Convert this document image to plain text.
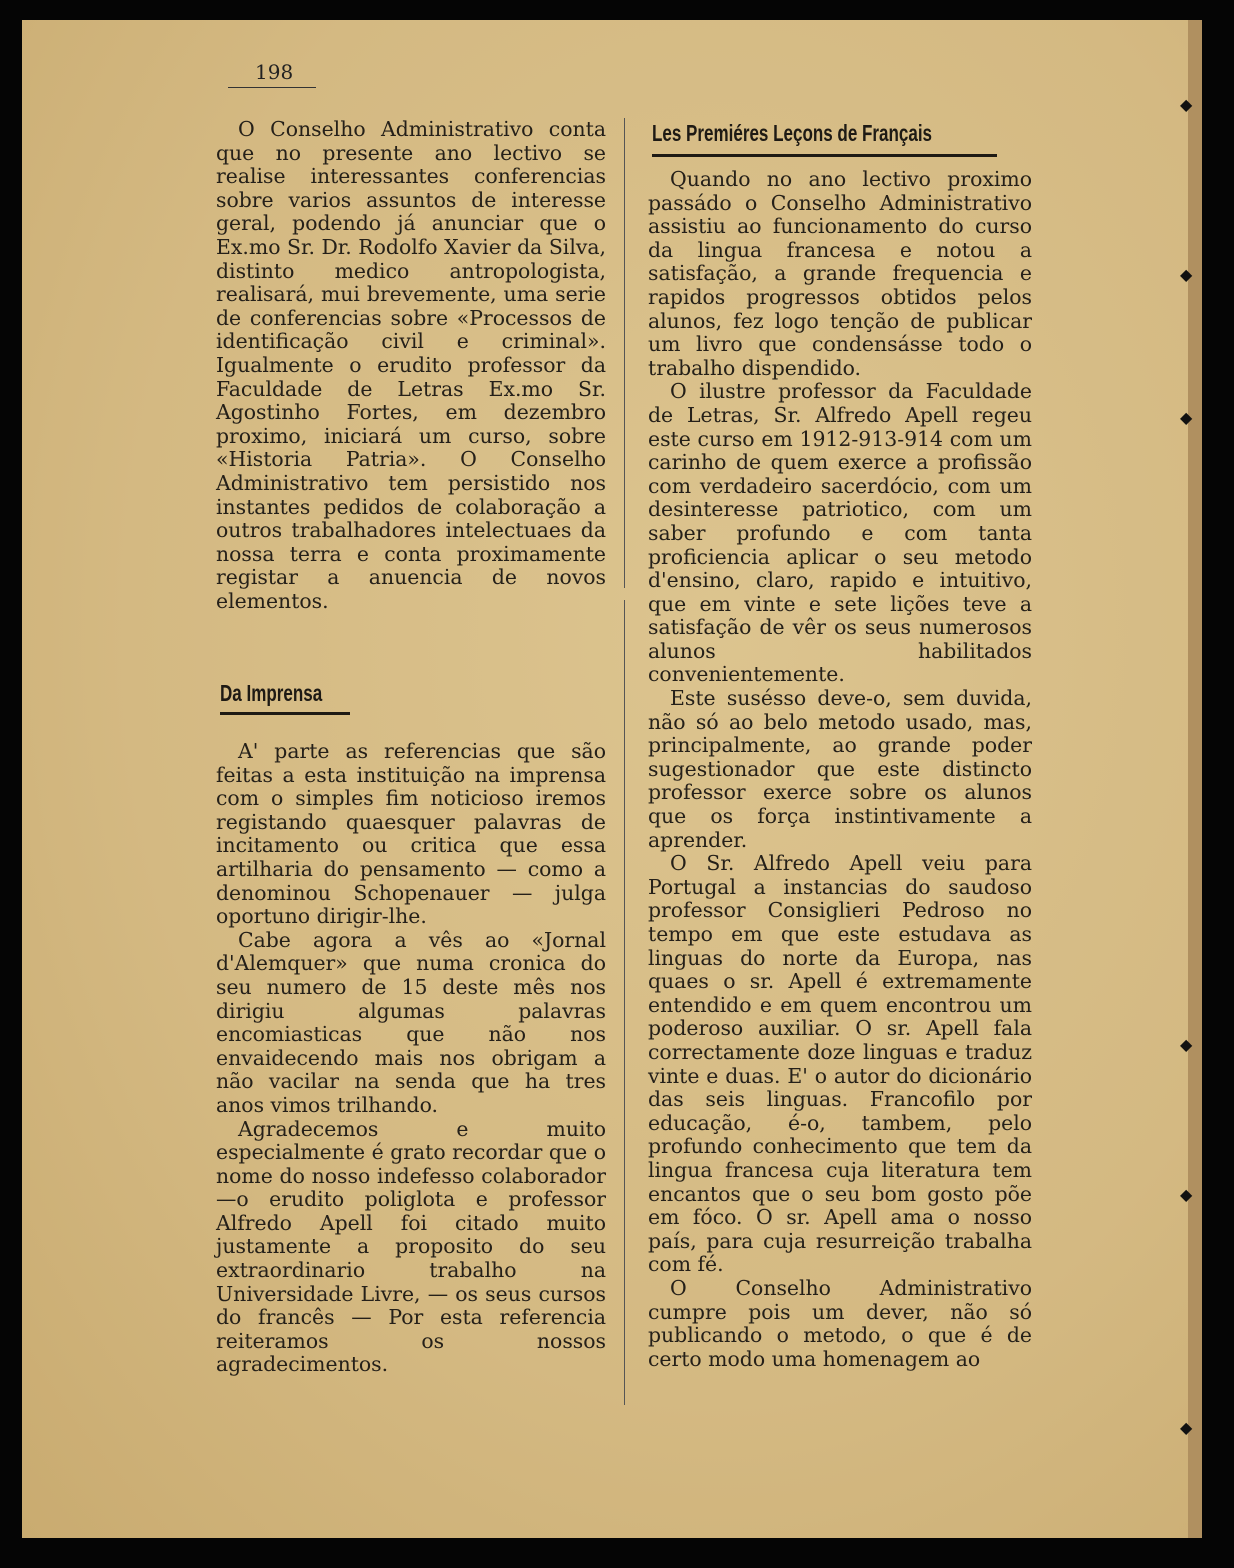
198

O Conselho Administrativo conta que no presente ano lectivo se realise interessantes conferencias sobre varios assuntos de interesse geral, podendo já anunciar que o Ex.mo Sr. Dr. Rodolfo Xavier da Silva, distinto medico antropologista, realisará, mui brevemente, uma serie de conferencias sobre «Processos de identificação civil e criminal». Igualmente o erudito professor da Faculdade de Letras Ex.mo Sr. Agostinho Fortes, em dezembro proximo, iniciará um curso, sobre «Historia Patria». O Conselho Administrativo tem persistido nos instantes pedidos de colaboração a outros trabalhadores intelectuaes da nossa terra e conta proximamente registar a anuencia de novos elementos.

Da Imprensa

A' parte as referencias que são feitas a esta instituição na imprensa com o simples fim noticioso iremos registando quaesquer palavras de incitamento ou critica que essa artilharia do pensamento — como a denominou Schopenauer — julga oportuno dirigir-lhe.

Cabe agora a vês ao «Jornal d'Alemquer» que numa cronica do seu numero de 15 deste mês nos dirigiu algumas palavras encomiasticas que não nos envaidecendo mais nos obrigam a não vacilar na senda que ha tres anos vimos trilhando.

Agradecemos e muito especialmente é grato recordar que o nome do nosso indefesso colaborador—o erudito poliglota e professor Alfredo Apell foi citado muito justamente a proposito do seu extraordinario trabalho na Universidade Livre, — os seus cursos do francês — Por esta referencia reiteramos os nossos agradecimentos.

Les Premiéres Leçons de Français

Quando no ano lectivo proximo passádo o Conselho Administrativo assistiu ao funcionamento do curso da lingua francesa e notou a satisfação, a grande frequencia e rapidos progressos obtidos pelos alunos, fez logo tenção de publicar um livro que condensásse todo o trabalho dispendido.

O ilustre professor da Faculdade de Letras, Sr. Alfredo Apell regeu este curso em 1912-913-914 com um carinho de quem exerce a profissão com verdadeiro sacerdócio, com um desinteresse patriotico, com um saber profundo e com tanta proficiencia aplicar o seu metodo d'ensino, claro, rapido e intuitivo, que em vinte e sete lições teve a satisfação de vêr os seus numerosos alunos habilitados convenientemente.

Este susésso deve-o, sem duvida, não só ao belo metodo usado, mas, principalmente, ao grande poder sugestionador que este distincto professor exerce sobre os alunos que os força instintivamente a aprender.

O Sr. Alfredo Apell veiu para Portugal a instancias do saudoso professor Consiglieri Pedroso no tempo em que este estudava as linguas do norte da Europa, nas quaes o sr. Apell é extremamente entendido e em quem encontrou um poderoso auxiliar. O sr. Apell fala correctamente doze linguas e traduz vinte e duas. E' o autor do dicionário das seis linguas. Francofilo por educação, é-o, tambem, pelo profundo conhecimento que tem da lingua francesa cuja literatura tem encantos que o seu bom gosto põe em fóco. O sr. Apell ama o nosso país, para cuja resurreição trabalha com fé.

O Conselho Administrativo cumpre pois um dever, não só publicando o metodo, o que é de certo modo uma homenagem ao

◆
◆
◆
◆
◆
◆
